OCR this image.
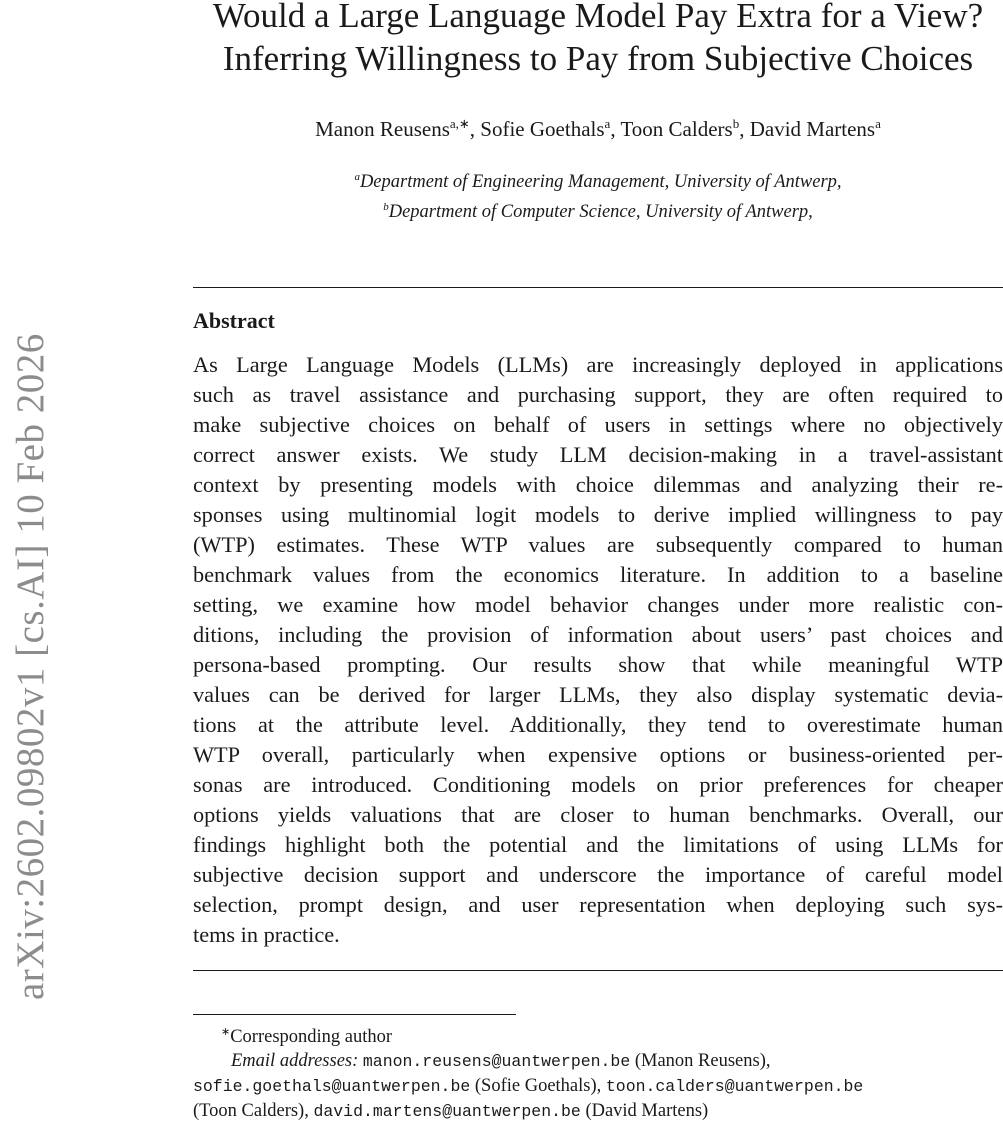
arXiv:2602.09802v1 [cs.AI] 10 Feb 2026
Would a Large Language Model Pay Extra for a View?
Inferring Willingness to Pay from Subjective Choices
Manon Reusens$^{a,∗}$, Sofie Goethals$^a$, Toon Calders$^b$, David Martens$^a$
$^a$Department of Engineering Management, University of Antwerp,
$^b$Department of Computer Science, University of Antwerp,
Abstract
As Large Language Models (LLMs) are increasingly deployed in applications
such as travel assistance and purchasing support, they are often required to
make subjective choices on behalf of users in settings where no objectively
correct answer exists. We study LLM decision-making in a travel-assistant
context by presenting models with choice dilemmas and analyzing their re-
sponses using multinomial logit models to derive implied willingness to pay
(WTP) estimates. These WTP values are subsequently compared to human
benchmark values from the economics literature. In addition to a baseline
setting, we examine how model behavior changes under more realistic con-
ditions, including the provision of information about users’ past choices and
persona-based prompting. Our results show that while meaningful WTP
values can be derived for larger LLMs, they also display systematic devia-
tions at the attribute level. Additionally, they tend to overestimate human
WTP overall, particularly when expensive options or business-oriented per-
sonas are introduced. Conditioning models on prior preferences for cheaper
options yields valuations that are closer to human benchmarks. Overall, our
findings highlight both the potential and the limitations of using LLMs for
subjective decision support and underscore the importance of careful model
selection, prompt design, and user representation when deploying such sys-
tems in practice.
∗Corresponding author
Email addresses: manon.reusens@uantwerpen.be (Manon Reusens),
sofie.goethals@uantwerpen.be (Sofie Goethals), toon.calders@uantwerpen.be
(Toon Calders), david.martens@uantwerpen.be (David Martens)
